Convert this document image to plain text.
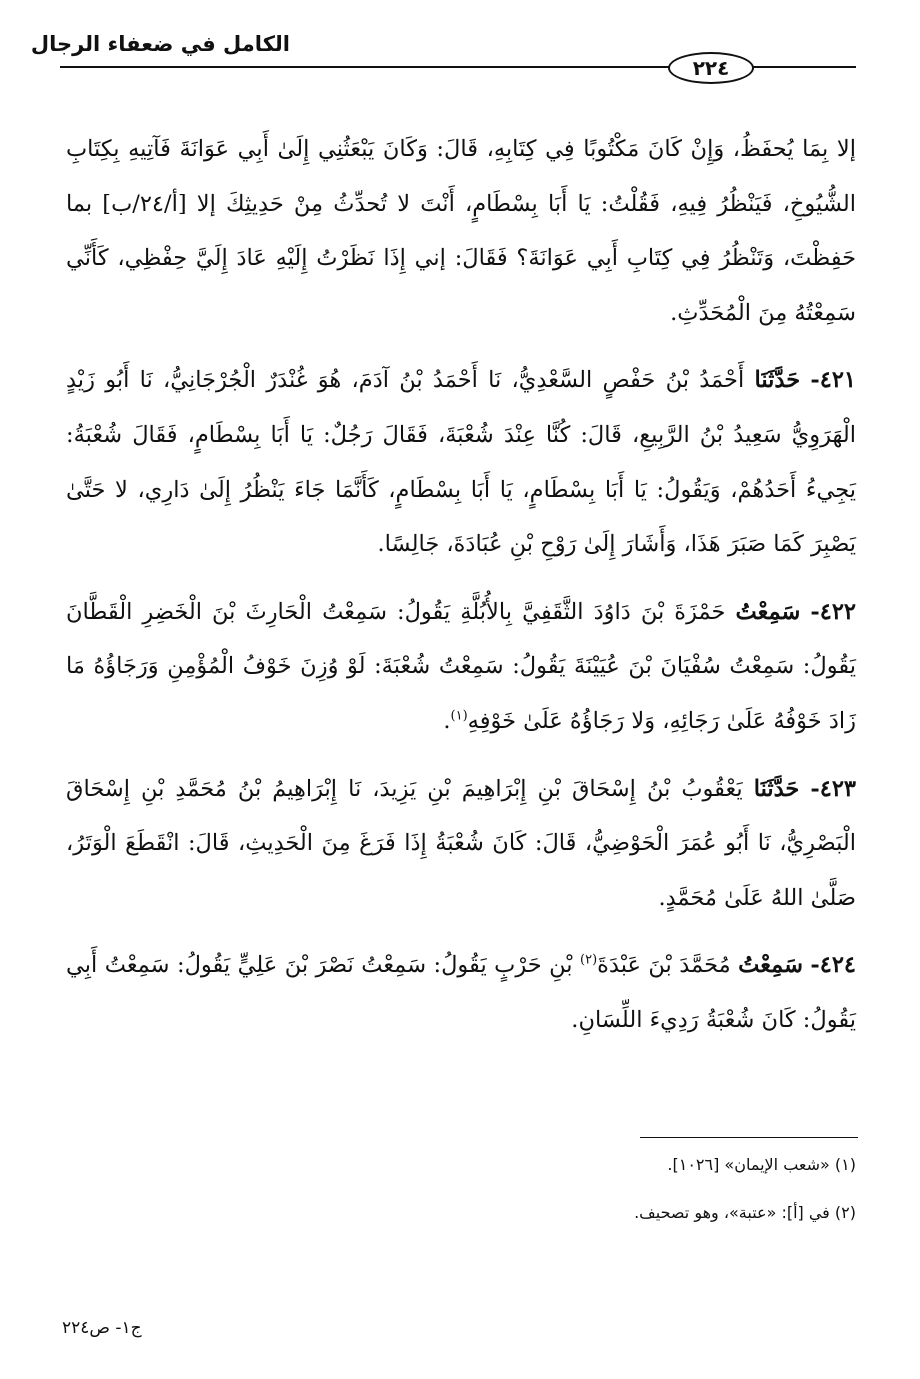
الكامل في ضعفاء الرجال
٢٢٤

إلا بِمَا يُحفَظُ، وَإِنْ كَانَ مَكْتُوبًا فِي كِتَابِهِ، قَالَ: وَكَانَ يَبْعَثُنِي إِلَىٰ أَبِي عَوَانَةَ فَآتِيهِ بِكِتَابِ الشُّيُوخِ، فَيَنْظُرُ فِيهِ، فَقُلْتُ: يَا أَبَا بِسْطَامٍ، أَنْتَ لا تُحدِّثُ مِنْ حَدِيثِكَ إلا [أ/٢٤/ب] بما حَفِظْتَ، وَتَنْظُرُ فِي كِتَابِ أَبِي عَوَانَةَ؟ فَقَالَ: إني إِذَا نَظَرْتُ إِلَيْهِ عَادَ إِلَيَّ حِفْظِي، كَأَنِّي سَمِعْتُهُ مِنَ الْمُحَدِّثِ.

٤٢١- حَدَّثَنَا أَحْمَدُ بْنُ حَفْصٍ السَّعْدِيُّ، نَا أَحْمَدُ بْنُ آدَمَ، هُوَ غُنْدَرٌ الْجُرْجَانِيُّ، نَا أَبُو زَيْدٍ الْهَرَوِيُّ سَعِيدُ بْنُ الرَّبِيعِ، قَالَ: كُنَّا عِنْدَ شُعْبَةَ، فَقَالَ رَجُلٌ: يَا أَبَا بِسْطَامٍ، فَقَالَ شُعْبَةُ: يَجِيءُ أَحَدُهُمْ، وَيَقُولُ: يَا أَبَا بِسْطَامٍ، يَا أَبَا بِسْطَامٍ، كَأَنَّمَا جَاءَ يَنْظُرُ إِلَىٰ دَارِي، لا حَتَّىٰ يَصْبِرَ كَمَا صَبَرَ هَذَا، وَأَشَارَ إِلَىٰ رَوْحِ بْنِ عُبَادَةَ، جَالِسًا.

٤٢٢- سَمِعْتُ حَمْزَةَ بْنَ دَاوُدَ الثَّقَفِيَّ بِالأُبُلَّةِ يَقُولُ: سَمِعْتُ الْحَارِثَ بْنَ الْخَضِرِ الْقَطَّانَ يَقُولُ: سَمِعْتُ سُفْيَانَ بْنَ عُيَيْنَةَ يَقُولُ: سَمِعْتُ شُعْبَةَ: لَوْ وُزِنَ خَوْفُ الْمُؤْمِنِ وَرَجَاؤُهُ مَا زَادَ خَوْفُهُ عَلَىٰ رَجَائِهِ، وَلا رَجَاؤُهُ عَلَىٰ خَوْفِهِ$^{(١)}$.

٤٢٣- حَدَّثَنَا يَعْقُوبُ بْنُ إِسْحَاقَ بْنِ إِبْرَاهِيمَ بْنِ يَزِيدَ، نَا إِبْرَاهِيمُ بْنُ مُحَمَّدِ بْنِ إِسْحَاقَ الْبَصْرِيُّ، نَا أَبُو عُمَرَ الْحَوْضِيُّ، قَالَ: كَانَ شُعْبَةُ إِذَا فَرَغَ مِنَ الْحَدِيثِ، قَالَ: انْقَطَعَ الْوَتَرُ، صَلَّىٰ اللهُ عَلَىٰ مُحَمَّدٍ.

٤٢٤- سَمِعْتُ مُحَمَّدَ بْنَ عَبْدَةَ$^{(٢)}$ بْنِ حَرْبٍ يَقُولُ: سَمِعْتُ نَصْرَ بْنَ عَلِيٍّ يَقُولُ: سَمِعْتُ أَبِي يَقُولُ: كَانَ شُعْبَةُ رَدِيءَ اللِّسَانِ.

(١) «شعب الإيمان» [١٠٢٦].

(٢) في [أ]: «عتبة»، وهو تصحيف.

ج١- ص٢٢٤
